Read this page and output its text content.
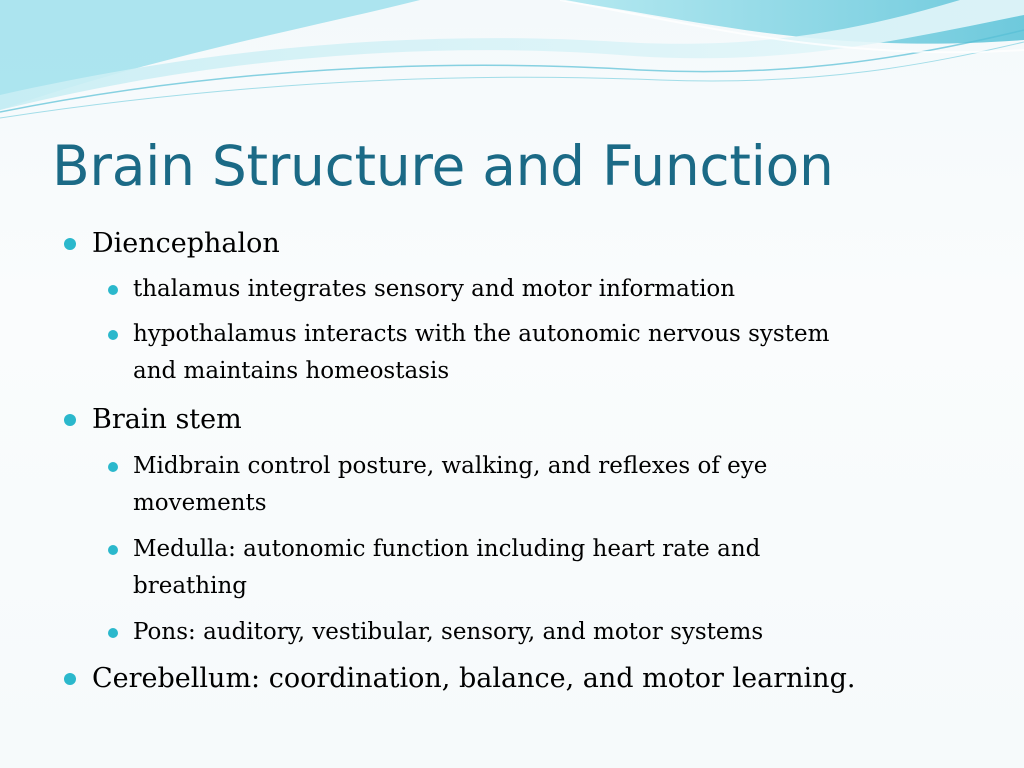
Brain Structure and Function
Diencephalon
thalamus integrates sensory and motor information
hypothalamus interacts with the autonomic nervous system
and maintains homeostasis
Brain stem
Midbrain control posture, walking, and reflexes of eye
movements
Medulla: autonomic function including heart rate and
breathing
Pons: auditory, vestibular, sensory, and motor systems
Cerebellum: coordination, balance, and motor learning.
